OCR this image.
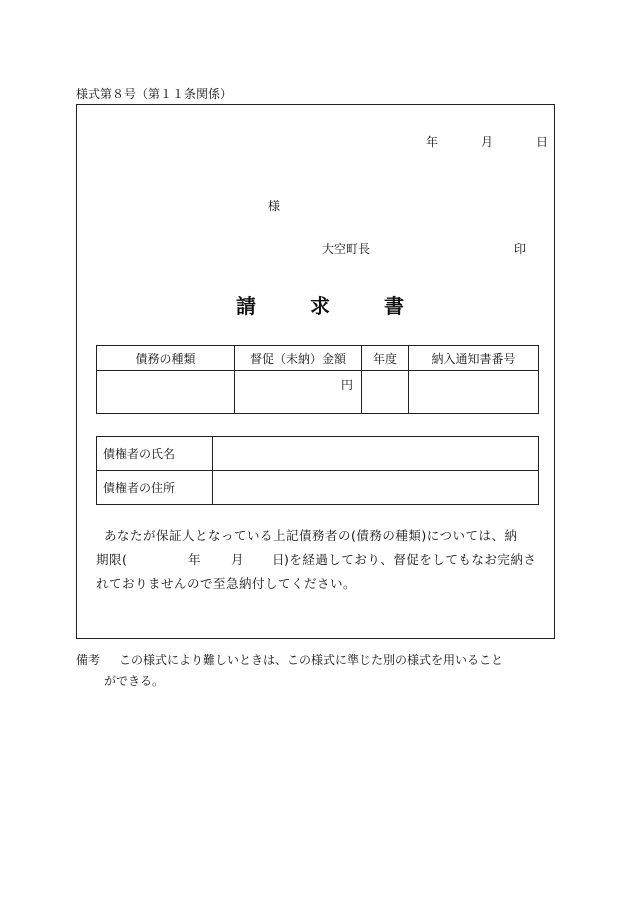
様式第８号（第１１条関係）
年	月	日
様
大空町長	印
請	求	書
債務の種類	督促（未納）金額	年度	納入通知書番号
	円		
債権者の氏名	
債権者の住所	
あなたが保証人となっている上記債務者の(債務の種類)については、納
期限(	年 月 日
)を経過しており、督促をしてもなお完納さ
れておりませんので至急納付してください。
備考 この様式により難しいときは、この様式に準じた別の様式を用いること
ができる。
